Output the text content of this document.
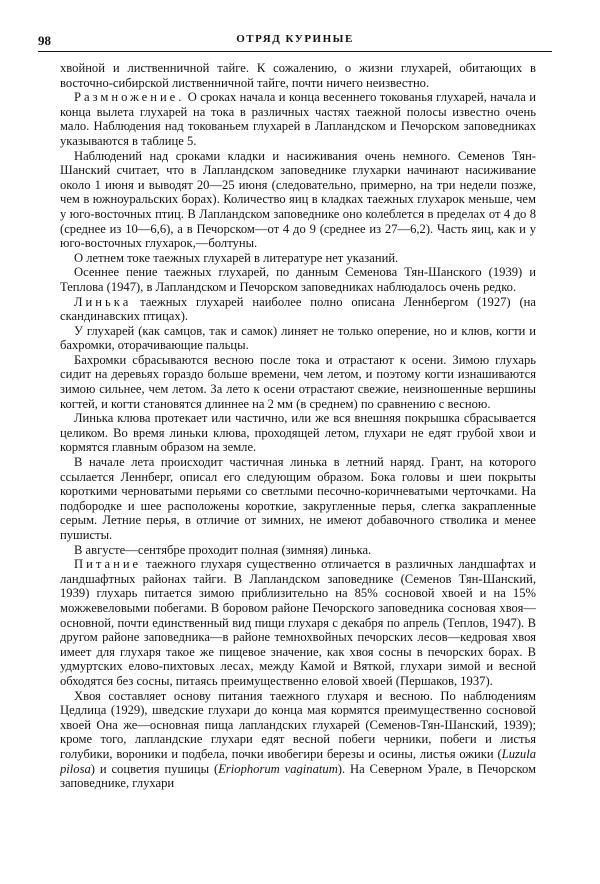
98	ОТРЯД КУРИНЫЕ

хвойной и лиственничной тайге. К сожалению, о жизни глухарей, обитающих в восточно-сибирской лиственничной тайге, почти ничего неизвестно.

Размножение. О сроках начала и конца весеннего токованья глухарей, начала и конца вылета глухарей на тока в различных частях таежной полосы известно очень мало. Наблюдения над токованьем глухарей в Лапландском и Печорском заповедниках указываются в таблице 5.

Наблюдений над сроками кладки и насиживания очень немного. Семенов Тян-Шанский считает, что в Лапландском заповеднике глухарки начинают насиживание около 1 июня и выводят 20—25 июня (следовательно, примерно, на три недели позже, чем в южноуральских борах). Количество яиц в кладках таежных глухарок меньше, чем у юго-восточных птиц. В Лапландском заповеднике оно колеблется в пределах от 4 до 8 (среднее из 10—6,6), а в Печорском—от 4 до 9 (среднее из 27—6,2). Часть яиц, как и у юго-восточных глухарок,—болтуны.

О летнем токе таежных глухарей в литературе нет указаний.

Осеннее пение таежных глухарей, по данным Семенова Тян-Шанского (1939) и Теплова (1947), в Лапландском и Печорском заповедниках наблюдалось очень редко.

Линька таежных глухарей наиболее полно описана Леннбергом (1927) (на скандинавских птицах).

У глухарей (как самцов, так и самок) линяет не только оперение, но и клюв, когти и бахромки, оторачивающие пальцы.

Бахромки сбрасываются весною после тока и отрастают к осени. Зимою глухарь сидит на деревьях гораздо больше времени, чем летом, и поэтому когти изнашиваются зимою сильнее, чем летом. За лето к осени отрастают свежие, неизношенные вершины когтей, и когти становятся длиннее на 2 мм (в среднем) по сравнению с весною.

Линька клюва протекает или частично, или же вся внешняя покрышка сбрасывается целиком. Во время линьки клюва, проходящей летом, глухари не едят грубой хвои и кормятся главным образом на земле.

В начале лета происходит частичная линька в летний наряд. Грант, на которого ссылается Леннберг, описал его следующим образом. Бока головы и шеи покрыты короткими черноватыми перьями со светлыми песочно-коричневатыми черточками. На подбородке и шее расположены короткие, закругленные перья, слегка закрапленные серым. Летние перья, в отличие от зимних, не имеют добавочного стволика и менее пушисты.

В августе—сентябре проходит полная (зимняя) линька.

Питание таежного глухаря существенно отличается в различных ландшафтах и ландшафтных районах тайги. В Лапландском заповеднике (Семенов Тян-Шанский, 1939) глухарь питается зимою приблизительно на 85% сосновой хвоей и на 15% можжевеловыми побегами. В боровом районе Печорского заповедника сосновая хвоя—основной, почти единственный вид пищи глухаря с декабря по апрель (Теплов, 1947). В другом районе заповедника—в районе темнохвойных печорских лесов—кедровая хвоя имеет для глухаря такое же пищевое значение, как хвоя сосны в печорских борах. В удмуртских елово-пихтовых лесах, между Камой и Вяткой, глухари зимой и весной обходятся без сосны, питаясь преимущественно еловой хвоей (Першаков, 1937).

Хвоя составляет основу питания таежного глухаря и весною. По наблюдениям Цедлица (1929), шведские глухари до конца мая кормятся преимущественно сосновой хвоей Она же—основная пища лапландских глухарей (Семенов-Тян-Шанский, 1939); кроме того, лапландские глухари едят весной побеги черники, побеги и листья голубики, вороники и подбела, почки ивобегири березы и осины, листья ожики (Luzula pilosa) и соцветия пушицы (Eriophorum vaginatum). На Северном Урале, в Печорском заповеднике, глухари
